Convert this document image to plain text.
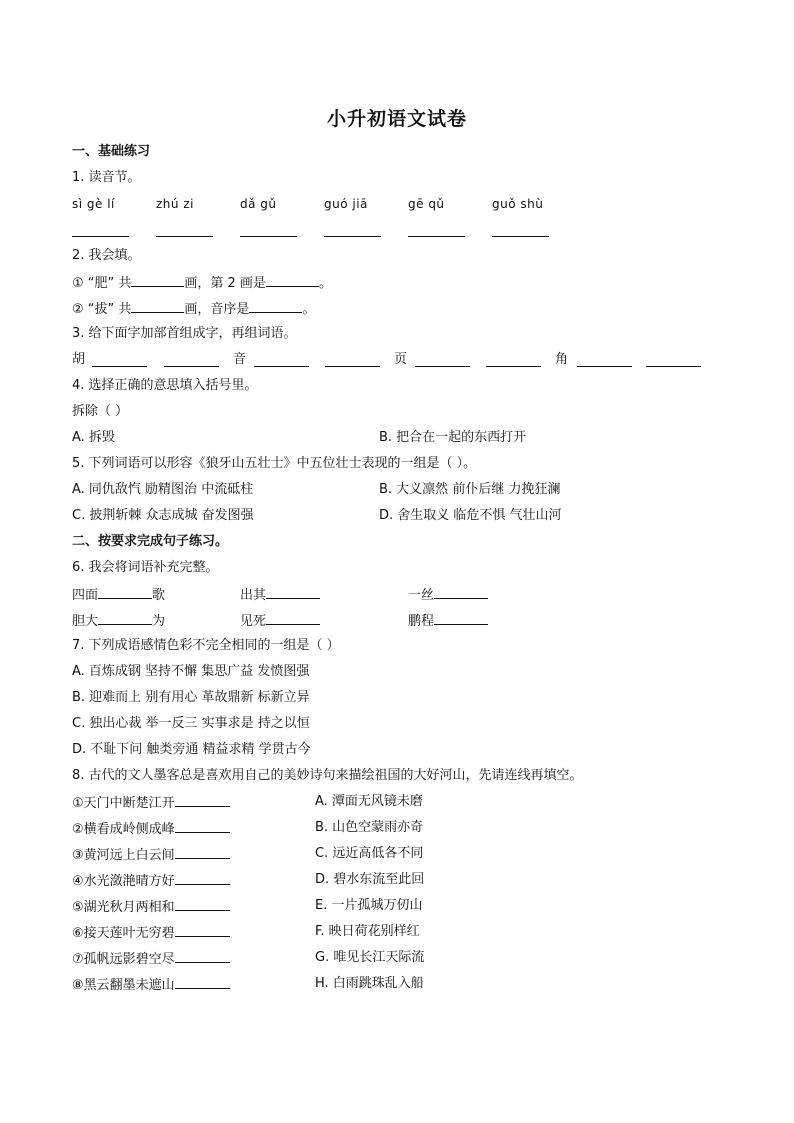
小升初语文试卷
一、基础练习
1. 读音节。
sì gè lí	zhú zi	dǎ gǔ	guó jiā	gē qǔ	guǒ shù
2. 我会填。
① “肥” 共	画，第 2 画是	。
② “拔” 共	画，音序是	。
3. 给下面字加部首组成字，再组词语。
胡	音	页	角
4. 选择正确的意思填入括号里。
拆除（ ）
A. 拆毁	B. 把合在一起的东西打开
5. 下列词语可以形容《狼牙山五壮士》中五位壮士表现的一组是（ ）。
A. 同仇敌忾 励精图治 中流砥柱	B. 大义凛然 前仆后继 力挽狂澜
C. 披荆斩棘 众志成城 奋发图强	D. 舍生取义 临危不惧 气壮山河
二、按要求完成句子练习。
6. 我会将词语补充完整。
四面	歌	出其	一丝
胆大	为	见死	鹏程
7. 下列成语感情色彩不完全相同的一组是（ ）
A. 百炼成钢 坚持不懈 集思广益 发愤图强
B. 迎难而上 别有用心 革故鼎新 标新立异
C. 独出心裁 举一反三 实事求是 持之以恒
D. 不耻下问 触类旁通 精益求精 学贯古今
8. 古代的文人墨客总是喜欢用自己的美妙诗句来描绘祖国的大好河山，先请连线再填空。
①天门中断楚江开	A. 潭面无风镜未磨
②横看成岭侧成峰	B. 山色空蒙雨亦奇
③黄河远上白云间	C. 远近高低各不同
④水光潋滟晴方好	D. 碧水东流至此回
⑤湖光秋月两相和	E. 一片孤城万仞山
⑥接天莲叶无穷碧	F. 映日荷花别样红
⑦孤帆远影碧空尽	G. 唯见长江天际流
⑧黑云翻墨未遮山	H. 白雨跳珠乱入船
